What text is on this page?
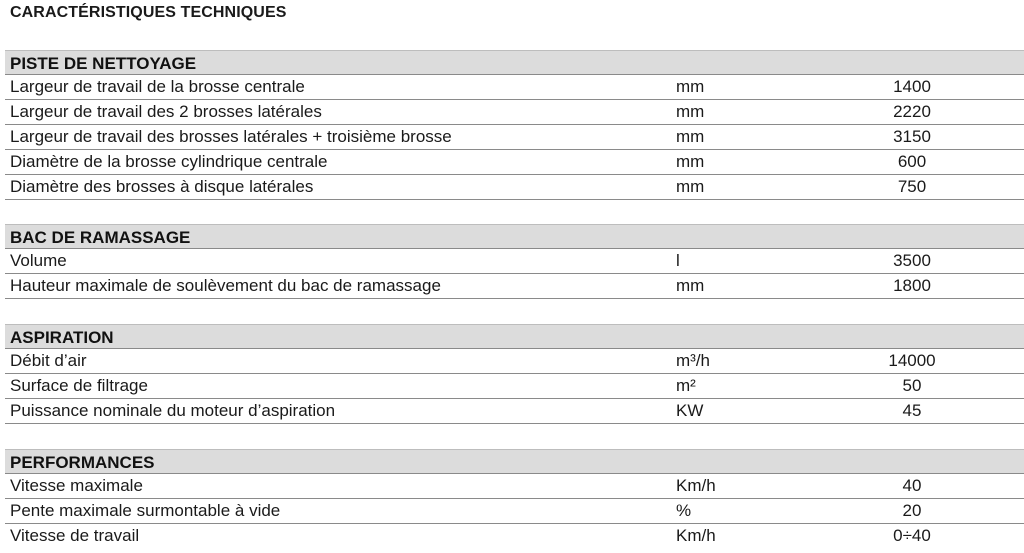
CARACTÉRISTIQUES TECHNIQUES
PISTE DE NETTOYAGE
Largeur de travail de la brosse centrale	mm	1400
Largeur de travail des 2 brosses latérales	mm	2220
Largeur de travail des brosses latérales + troisième brosse	mm	3150
Diamètre de la brosse cylindrique centrale	mm	600
Diamètre des brosses à disque latérales	mm	750
BAC DE RAMASSAGE
Volume	l	3500
Hauteur maximale de soulèvement du bac de ramassage	mm	1800
ASPIRATION
Débit d’air	m³/h	14000
Surface de filtrage	m²	50
Puissance nominale du moteur d’aspiration	KW	45
PERFORMANCES
Vitesse maximale	Km/h	40
Pente maximale surmontable à vide	%	20
Vitesse de travail	Km/h	0÷40
